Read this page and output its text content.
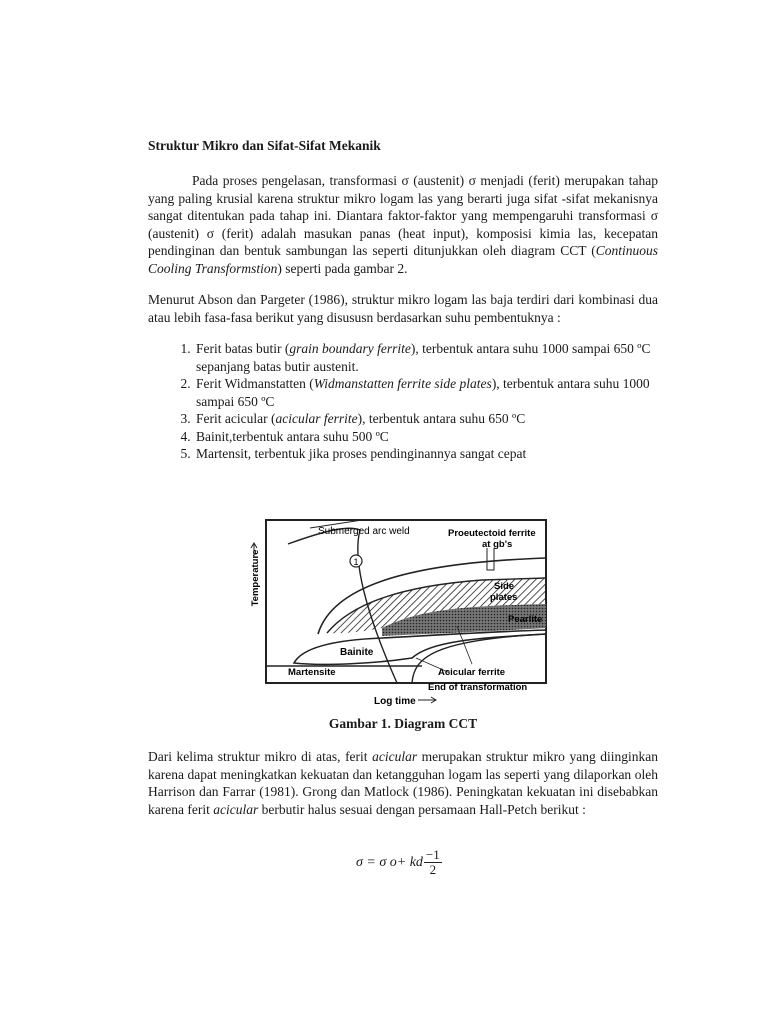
Struktur Mikro dan Sifat-Sifat Mekanik

Pada proses pengelasan, transformasi σ (austenit) σ menjadi (ferit) merupakan tahap yang paling krusial karena struktur mikro logam las yang berarti juga sifat -sifat mekanisnya sangat ditentukan pada tahap ini. Diantara faktor-faktor yang mempengaruhi transformasi σ (austenit) σ (ferit) adalah masukan panas (heat input), komposisi kimia las, kecepatan pendinginan dan bentuk sambungan las seperti ditunjukkan oleh diagram CCT (Continuous Cooling Transformstion) seperti pada gambar 2.

Menurut Abson dan Pargeter (1986), struktur mikro logam las baja terdiri dari kombinasi dua atau lebih fasa-fasa berikut yang disususn berdasarkan suhu pembentuknya :

1. Ferit batas butir (grain boundary ferrite), terbentuk antara suhu 1000 sampai 650 ºC sepanjang batas butir austenit.
2. Ferit Widmanstatten (Widmanstatten ferrite side plates), terbentuk antara suhu 1000 sampai 650 ºC
3. Ferit acicular (acicular ferrite), terbentuk antara suhu 650 ºC
4. Bainit,terbentuk antara suhu 500 ºC
5. Martensit, terbentuk jika proses pendinginannya sangat cepat
1
Submerged arc weld	Proeutectoid ferrite
at gb's
Side
plates
Pearlite
Bainite
Acicular ferrite
Martensite
End of transformation
Temperature
Log time
Gambar 1. Diagram CCT

Dari kelima struktur mikro di atas, ferit acicular merupakan struktur mikro yang diinginkan karena dapat meningkatkan kekuatan dan ketangguhan logam las seperti yang dilaporkan oleh Harrison dan Farrar (1981). Grong dan Matlock (1986). Peningkatan kekuatan ini disebabkan karena ferit acicular berbutir halus sesuai dengan persamaan Hall-Petch berikut :

σ = σ o+ kd $\frac{-1}{2}$
